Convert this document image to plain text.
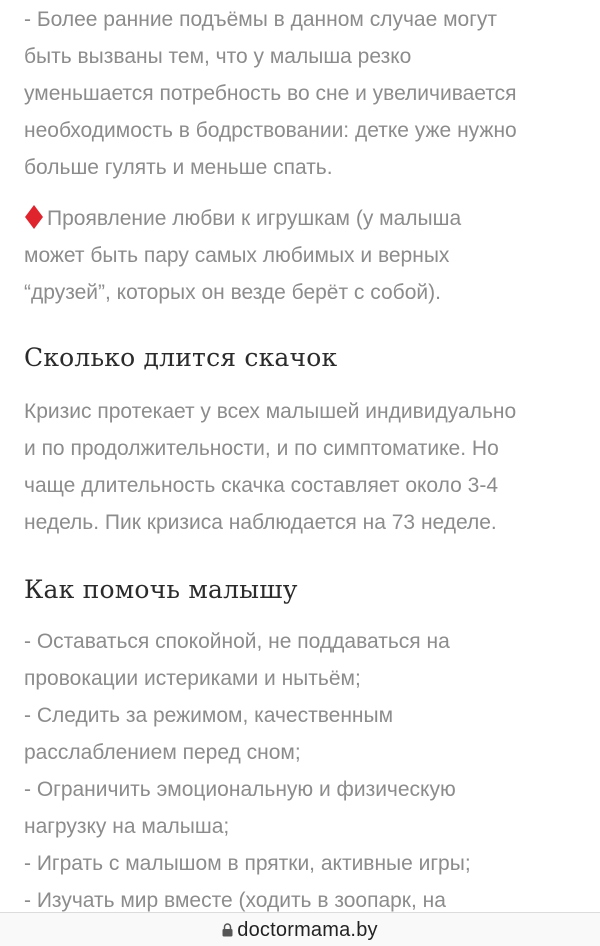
- Более ранние подъёмы в данном случае могут
быть вызваны тем, что у малыша резко
уменьшается потребность во сне и увеличивается
необходимость в бодрствовании: детке уже нужно
больше гулять и меньше спать.

Проявление любви к игрушкам (у малыша
может быть пару самых любимых и верных
“друзей”, которых он везде берёт с собой).

Сколько длится скачок

Кризис протекает у всех малышей индивидуально
и по продолжительности, и по симптоматике. Но
чаще длительность скачка составляет около 3-4
недель. Пик кризиса наблюдается на 73 неделе.

Как помочь малышу

- Оставаться спокойной, не поддаваться на
провокации истериками и нытьём;
- Следить за режимом, качественным
расслаблением перед сном;
- Ограничить эмоциональную и физическую
нагрузку на малыша;
- Играть с малышом в прятки, активные игры;
- Изучать мир вместе (ходить в зоопарк, на

doctormama.by
